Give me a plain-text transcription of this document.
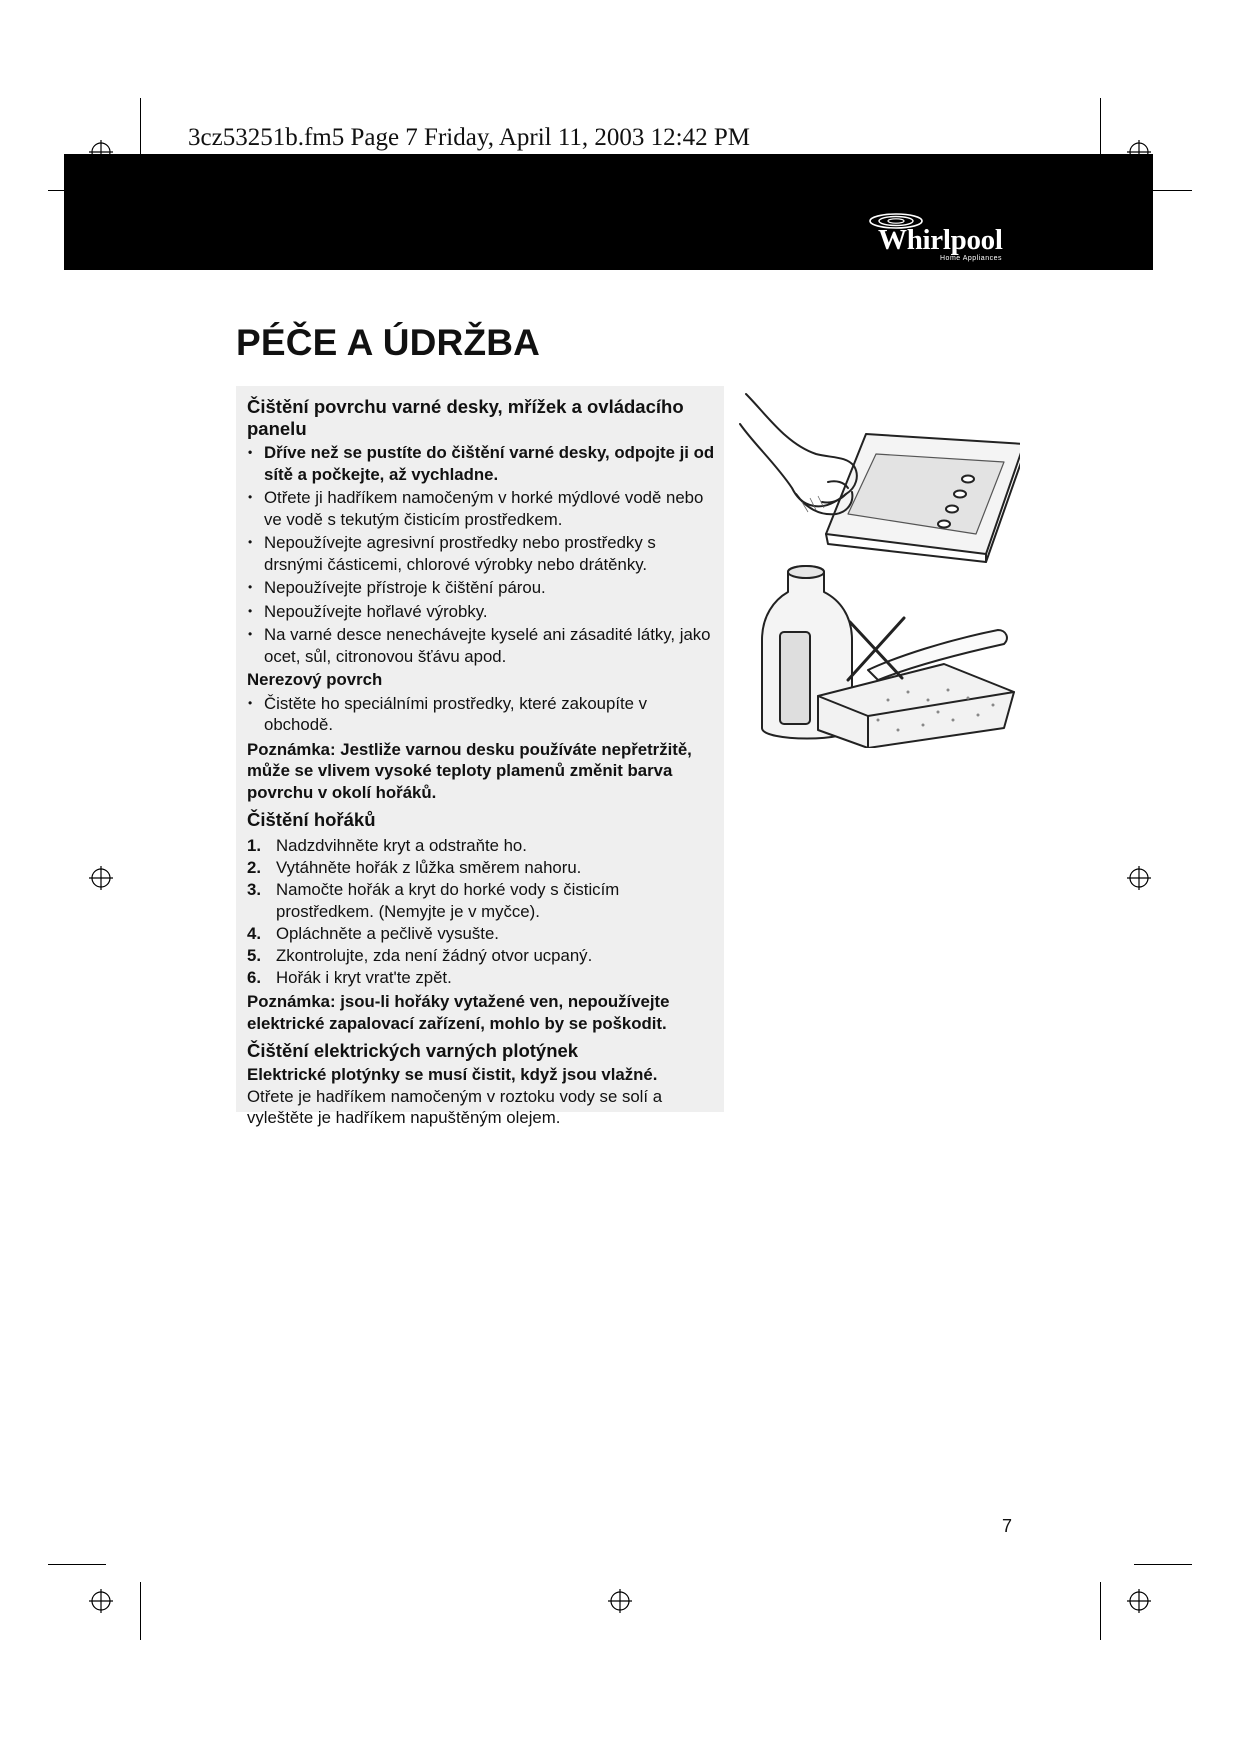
3cz53251b.fm5 Page 7 Friday, April 11, 2003 12:42 PM
Whirlpool
Home Appliances
PÉČE A ÚDRŽBA
Čištění povrchu varné desky, mřížek a ovládacího panelu
• Dříve než se pustíte do čištění varné desky, odpojte ji od sítě a počkejte, až vychladne.
• Otřete ji hadříkem namočeným v horké mýdlové vodě nebo ve vodě s tekutým čisticím prostředkem.
• Nepoužívejte agresivní prostředky nebo prostředky s drsnými částicemi, chlorové výrobky nebo drátěnky.
• Nepoužívejte přístroje k čištění párou.
• Nepoužívejte hořlavé výrobky.
• Na varné desce nenechávejte kyselé ani zásadité látky, jako ocet, sůl, citronovou šťávu apod.

Nerezový povrch

• Čistěte ho speciálními prostředky, které zakoupíte v obchodě.

Poznámka: Jestliže varnou desku používáte nepřetržitě, může se vlivem vysoké teploty plamenů změnit barva povrchu v okolí hořáků.

Čištění hořáků
1. Nadzdvihněte kryt a odstraňte ho.
2. Vytáhněte hořák z lůžka směrem nahoru.
3. Namočte hořák a kryt do horké vody s čisticím prostředkem. (Nemyjte je v myčce).
4. Opláchněte a pečlivě vysušte.
5. Zkontrolujte, zda není žádný otvor ucpaný.
6. Hořák i kryt vrat'te zpět.

Poznámka: jsou-li hořáky vytažené ven, nepoužívejte elektrické zapalovací zařízení, mohlo by se poškodit.

Čištění elektrických varných plotýnek

Elektrické plotýnky se musí čistit, když jsou vlažné.

Otřete je hadříkem namočeným v roztoku vody se solí a vyleštěte je hadříkem napuštěným olejem.

7
